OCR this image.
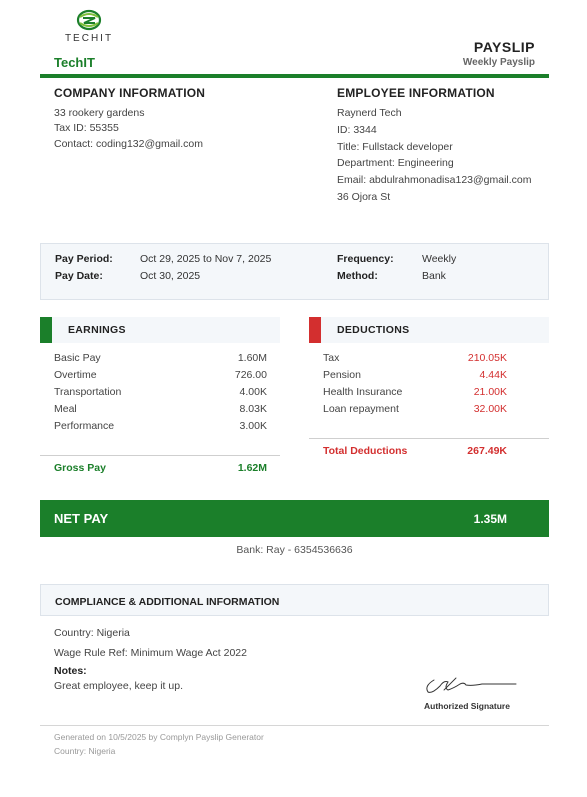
TECHIT
TechIT
PAYSLIP
Weekly Payslip
COMPANY INFORMATION
33 rookery gardens
Tax ID: 55355
Contact: coding132@gmail.com
EMPLOYEE INFORMATION
Raynerd Tech
ID: 3344
Title: Fullstack developer
Department: Engineering
Email: abdulrahmonadisa123@gmail.com
36 Ojora St
Pay Period:	Oct 29, 2025 to Nov 7, 2025
Pay Date:	Oct 30, 2025
Frequency:	Weekly
Method:	Bank
EARNINGS
Basic Pay	1.60M
Overtime	726.00
Transportation	4.00K
Meal	8.03K
Performance	3.00K
Gross Pay	1.62M
DEDUCTIONS
Tax	210.05K
Pension	4.44K
Health Insurance	21.00K
Loan repayment	32.00K
Total Deductions	267.49K
NET PAY	1.35M
Bank: Ray - 6354536636
COMPLIANCE & ADDITIONAL INFORMATION
Country: Nigeria
Wage Rule Ref: Minimum Wage Act 2022
Notes:
Great employee, keep it up.
Authorized Signature
Generated on 10/5/2025 by Complyn Payslip Generator
Country: Nigeria
